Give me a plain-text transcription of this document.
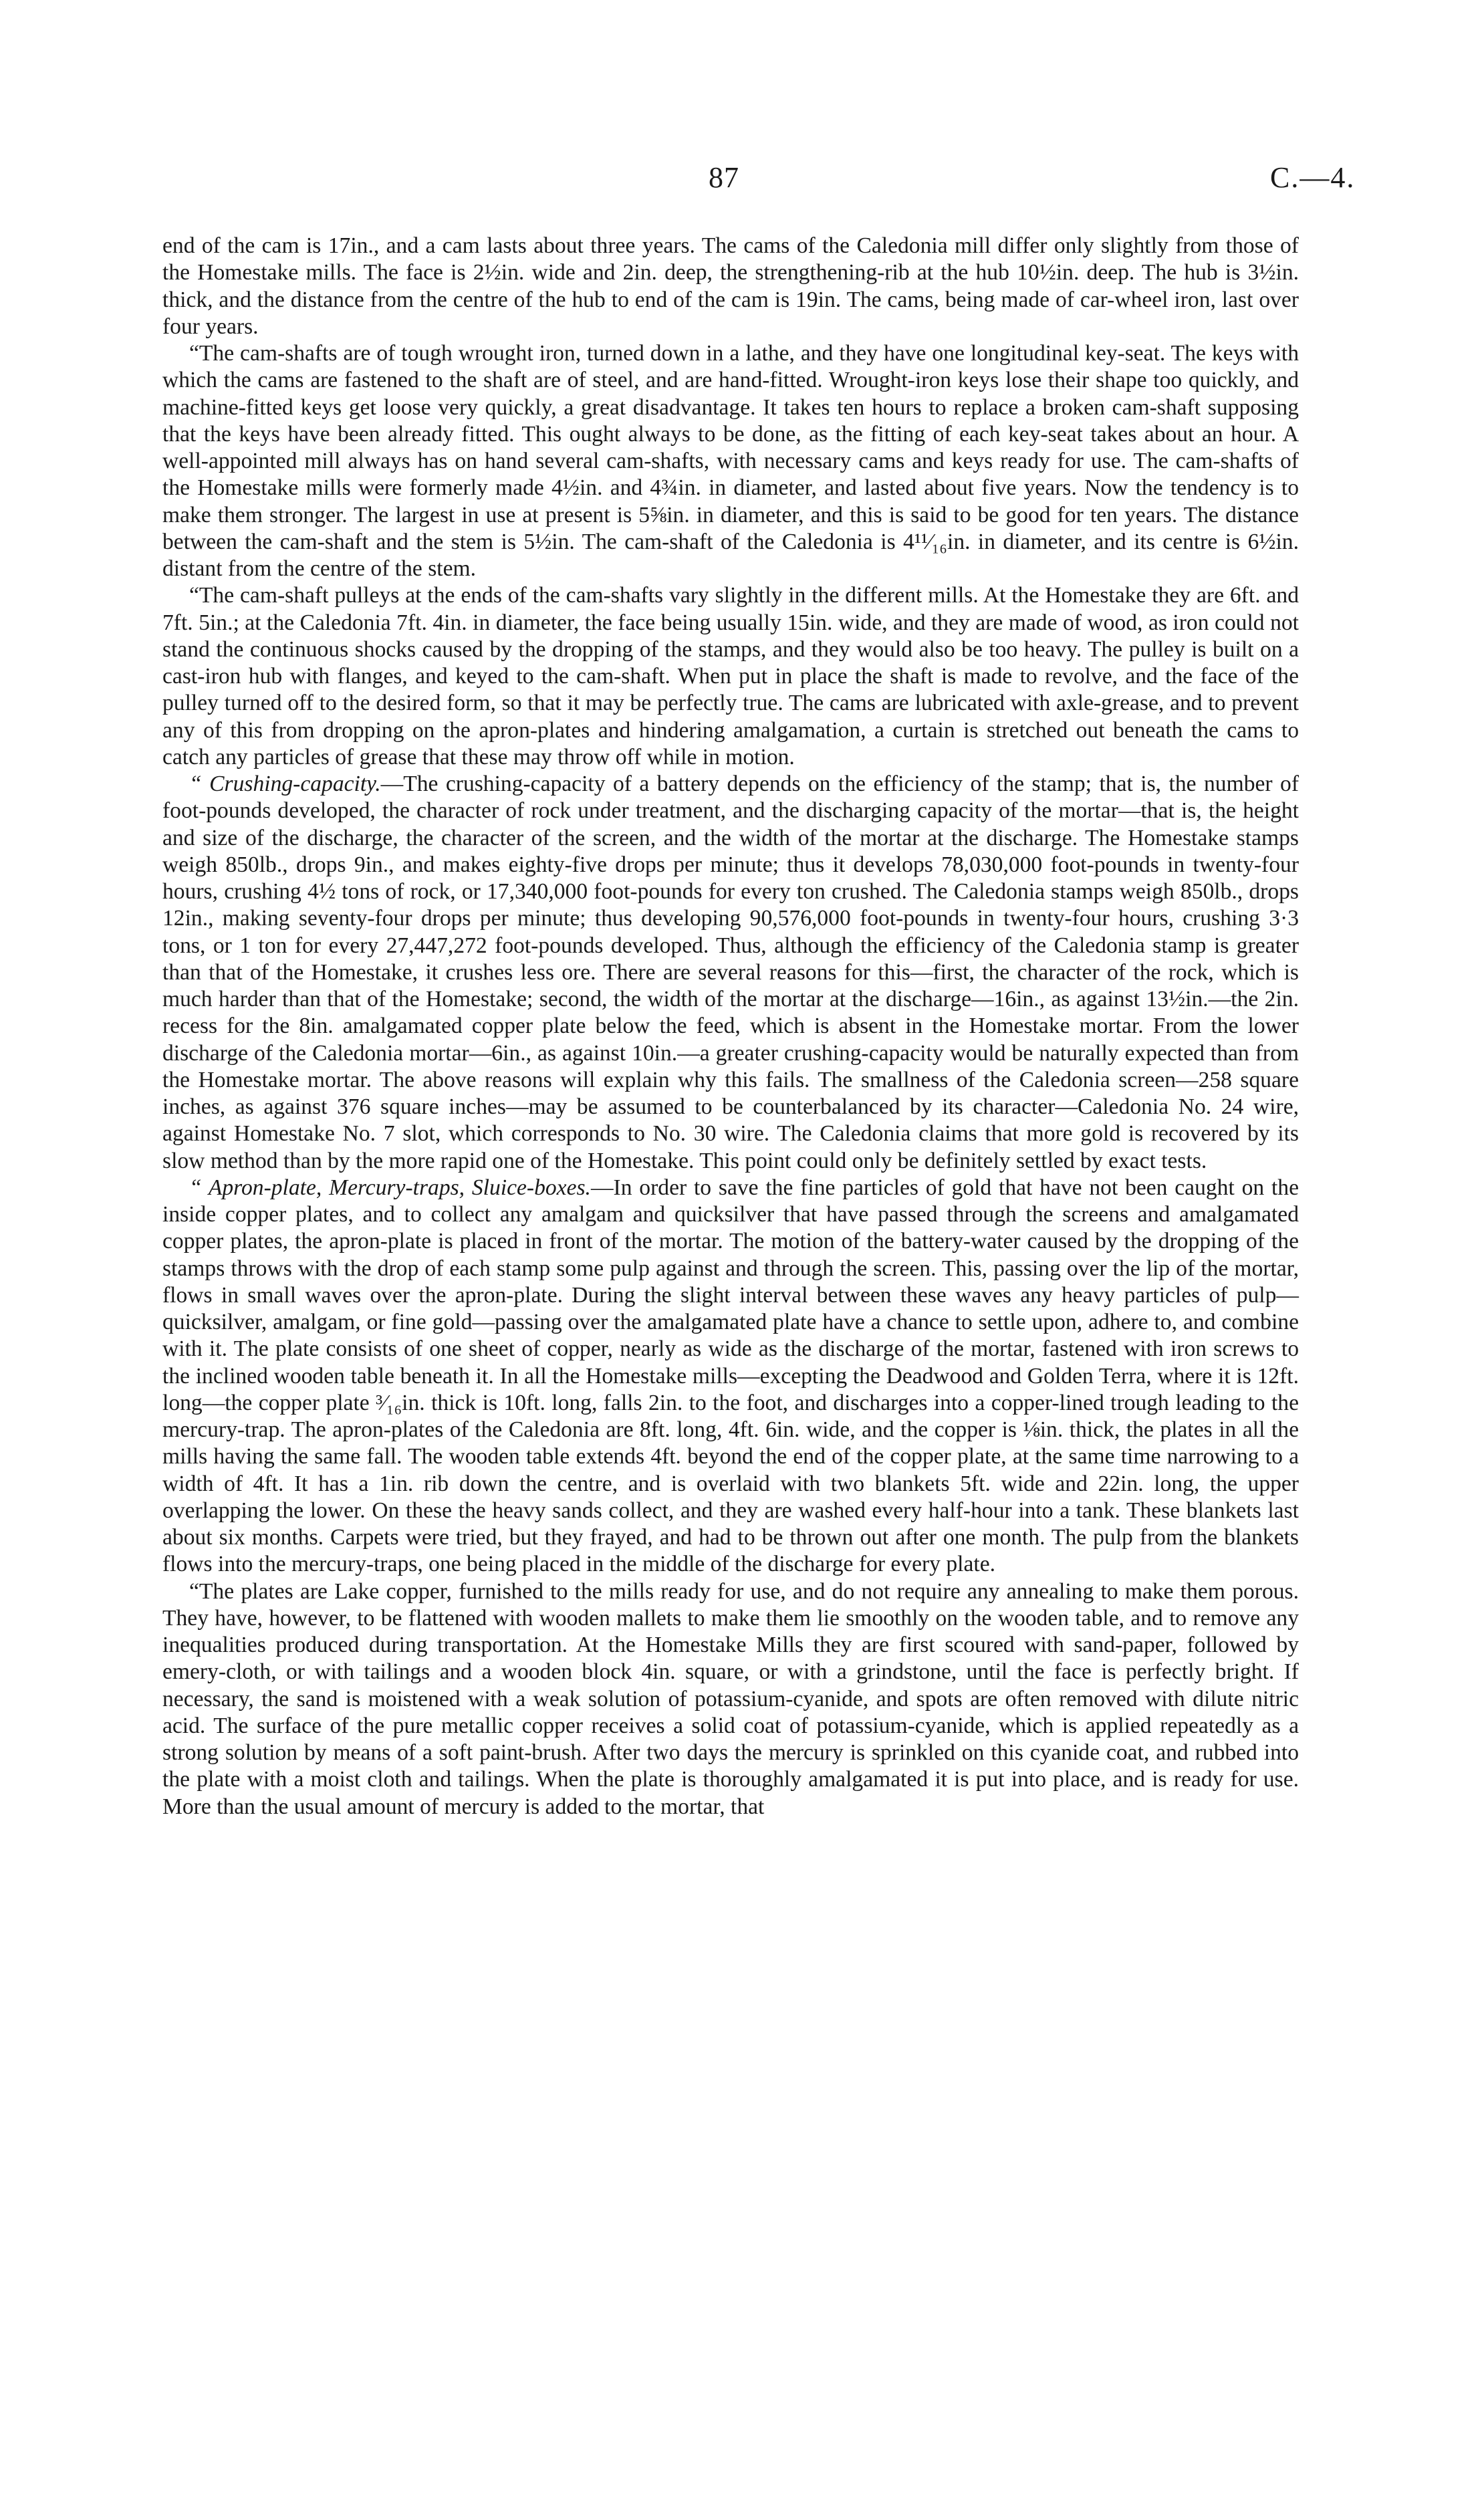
87	C.—4.

end of the cam is 17in., and a cam lasts about three years. The cams of the Caledonia mill differ only slightly from those of the Homestake mills. The face is 2½in. wide and 2in. deep, the strengthening-rib at the hub 10½in. deep. The hub is 3½in. thick, and the distance from the centre of the hub to end of the cam is 19in. The cams, being made of car-wheel iron, last over four years.

“The cam-shafts are of tough wrought iron, turned down in a lathe, and they have one longitudinal key-seat. The keys with which the cams are fastened to the shaft are of steel, and are hand-fitted. Wrought-iron keys lose their shape too quickly, and machine-fitted keys get loose very quickly, a great disadvantage. It takes ten hours to replace a broken cam-shaft supposing that the keys have been already fitted. This ought always to be done, as the fitting of each key-seat takes about an hour. A well-appointed mill always has on hand several cam-shafts, with necessary cams and keys ready for use. The cam-shafts of the Homestake mills were formerly made 4½in. and 4¾in. in diameter, and lasted about five years. Now the tendency is to make them stronger. The largest in use at present is 5⅝in. in diameter, and this is said to be good for ten years. The distance between the cam-shaft and the stem is 5½in. The cam-shaft of the Caledonia is 4¹¹⁄₁₆in. in diameter, and its centre is 6½in. distant from the centre of the stem.

“The cam-shaft pulleys at the ends of the cam-shafts vary slightly in the different mills. At the Homestake they are 6ft. and 7ft. 5in.; at the Caledonia 7ft. 4in. in diameter, the face being usually 15in. wide, and they are made of wood, as iron could not stand the continuous shocks caused by the dropping of the stamps, and they would also be too heavy. The pulley is built on a cast-iron hub with flanges, and keyed to the cam-shaft. When put in place the shaft is made to revolve, and the face of the pulley turned off to the desired form, so that it may be perfectly true. The cams are lubricated with axle-grease, and to prevent any of this from dropping on the apron-plates and hindering amalgamation, a curtain is stretched out beneath the cams to catch any particles of grease that these may throw off while in motion.

“ Crushing-capacity.—The crushing-capacity of a battery depends on the efficiency of the stamp; that is, the number of foot-pounds developed, the character of rock under treatment, and the discharging capacity of the mortar—that is, the height and size of the discharge, the character of the screen, and the width of the mortar at the discharge. The Homestake stamps weigh 850lb., drops 9in., and makes eighty-five drops per minute; thus it develops 78,030,000 foot-pounds in twenty-four hours, crushing 4½ tons of rock, or 17,340,000 foot-pounds for every ton crushed. The Caledonia stamps weigh 850lb., drops 12in., making seventy-four drops per minute; thus developing 90,576,000 foot-pounds in twenty-four hours, crushing 3·3 tons, or 1 ton for every 27,447,272 foot-pounds developed. Thus, although the efficiency of the Caledonia stamp is greater than that of the Homestake, it crushes less ore. There are several reasons for this—first, the character of the rock, which is much harder than that of the Homestake; second, the width of the mortar at the discharge—16in., as against 13½in.—the 2in. recess for the 8in. amalgamated copper plate below the feed, which is absent in the Homestake mortar. From the lower discharge of the Caledonia mortar—6in., as against 10in.—a greater crushing-capacity would be naturally expected than from the Homestake mortar. The above reasons will explain why this fails. The smallness of the Caledonia screen—258 square inches, as against 376 square inches—may be assumed to be counterbalanced by its character—Caledonia No. 24 wire, against Homestake No. 7 slot, which corresponds to No. 30 wire. The Caledonia claims that more gold is recovered by its slow method than by the more rapid one of the Homestake. This point could only be definitely settled by exact tests.

“ Apron-plate, Mercury-traps, Sluice-boxes.—In order to save the fine particles of gold that have not been caught on the inside copper plates, and to collect any amalgam and quicksilver that have passed through the screens and amalgamated copper plates, the apron-plate is placed in front of the mortar. The motion of the battery-water caused by the dropping of the stamps throws with the drop of each stamp some pulp against and through the screen. This, passing over the lip of the mortar, flows in small waves over the apron-plate. During the slight interval between these waves any heavy particles of pulp—quicksilver, amalgam, or fine gold—passing over the amalgamated plate have a chance to settle upon, adhere to, and combine with it. The plate consists of one sheet of copper, nearly as wide as the discharge of the mortar, fastened with iron screws to the inclined wooden table beneath it. In all the Homestake mills—excepting the Deadwood and Golden Terra, where it is 12ft. long—the copper plate ³⁄₁₆in. thick is 10ft. long, falls 2in. to the foot, and discharges into a copper-lined trough leading to the mercury-trap. The apron-plates of the Caledonia are 8ft. long, 4ft. 6in. wide, and the copper is ⅛in. thick, the plates in all the mills having the same fall. The wooden table extends 4ft. beyond the end of the copper plate, at the same time narrowing to a width of 4ft. It has a 1in. rib down the centre, and is overlaid with two blankets 5ft. wide and 22in. long, the upper overlapping the lower. On these the heavy sands collect, and they are washed every half-hour into a tank. These blankets last about six months. Carpets were tried, but they frayed, and had to be thrown out after one month. The pulp from the blankets flows into the mercury-traps, one being placed in the middle of the discharge for every plate.

“The plates are Lake copper, furnished to the mills ready for use, and do not require any annealing to make them porous. They have, however, to be flattened with wooden mallets to make them lie smoothly on the wooden table, and to remove any inequalities produced during transportation. At the Homestake Mills they are first scoured with sand-paper, followed by emery-cloth, or with tailings and a wooden block 4in. square, or with a grindstone, until the face is perfectly bright. If necessary, the sand is moistened with a weak solution of potassium-cyanide, and spots are often removed with dilute nitric acid. The surface of the pure metallic copper receives a solid coat of potassium-cyanide, which is applied repeatedly as a strong solution by means of a soft paint-brush. After two days the mercury is sprinkled on this cyanide coat, and rubbed into the plate with a moist cloth and tailings. When the plate is thoroughly amalgamated it is put into place, and is ready for use. More than the usual amount of mercury is added to the mortar, that
